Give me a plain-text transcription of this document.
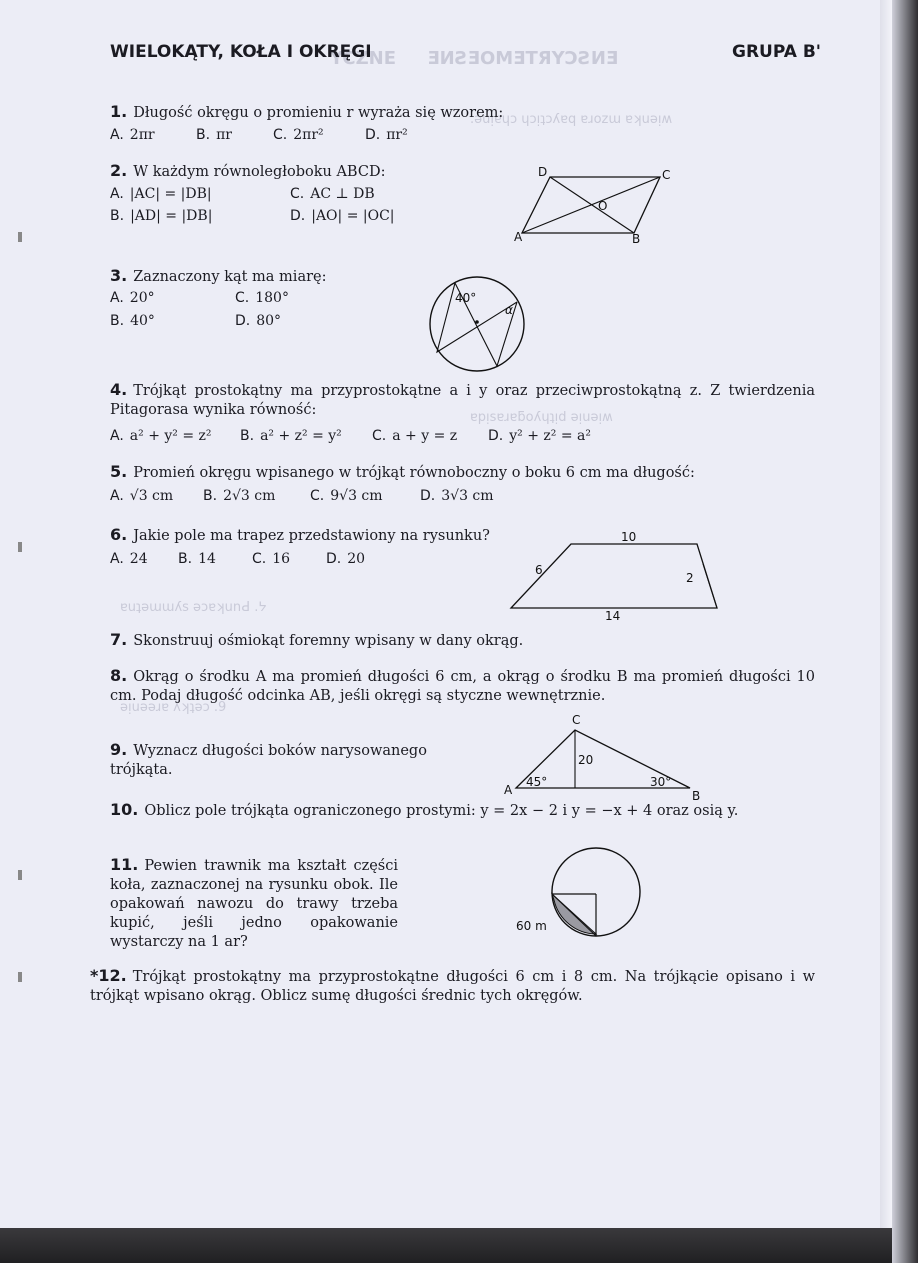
YCZNE     ƎИƧƎOMƎTЯYƆƧИƎ
.ǝuᴉɐɥɔ ɥɔᴉʇɔʎɐq ɐɹozɯ ɐʞuǝᴉʍ
ɐpᴉsɐɹɐƃoʎɥʇᴉd ǝᴉuǝᴉʍ
ɐuʇǝɯɯʎs ǝɔɐʞunԀ .ᔭ
ǝᴉuǝǝɹɐ ʎʞʇǝɔ .9
WIELOKĄTY, KOŁA I OKRĘGI	GRUPA B'
1. Długość okręgu o promieniu r wyraża się wzorem:
A. 2πr	B. πr	C. 2πr²	D. πr²
2. W każdym równoległoboku ABCD:
A. |AC| = |DB|	C. AC ⊥ DB
B. |AD| = |DB|	D. |AO| = |OC|
D	C
O
A	B
3. Zaznaczony kąt ma miarę:
A. 20°	C. 180°
B. 40°	D. 80°
40°
α
4. Trójkąt prostokątny ma przyprostokątne a i y oraz przeciwprostokątną z. Z twierdzenia Pitagorasa wynika równość:
A. a² + y² = z² B. a² + z² = y² C. a + y = z D. y² + z² = a²
5. Promień okręgu wpisanego w trójkąt równoboczny o boku 6 cm ma długość:
A. √3 cm B. 2√3 cm C. 9√3 cm	D. 3√3 cm
6. Jakie pole ma trapez przedstawiony na rysunku?
A. 24 B. 14	C. 16	D. 20
10
6
2
14
7. Skonstruuj ośmiokąt foremny wpisany w dany okrąg.
8. Okrąg o środku A ma promień długości 6 cm, a okrąg o środku B ma promień długości 10 cm. Podaj długość odcinka AB, jeśli okręgi są styczne wewnętrznie.
9. Wyznacz długości boków narysowanego trójkąta.
C
20
A
45°	30°
B
10. Oblicz pole trójkąta ograniczonego prostymi: y = 2x − 2 i y = −x + 4 oraz osią y.
11. Pewien trawnik ma kształt części koła, zaznaczonej na rysunku obok. Ile opakowań nawozu do trawy trzeba kupić, jeśli jedno opakowanie wystarczy na 1 ar?
60 m
*12. Trójkąt prostokątny ma przyprostokątne długości 6 cm i 8 cm. Na trójkącie opisano i w trójkąt wpisano okrąg. Oblicz sumę długości średnic tych okręgów.
